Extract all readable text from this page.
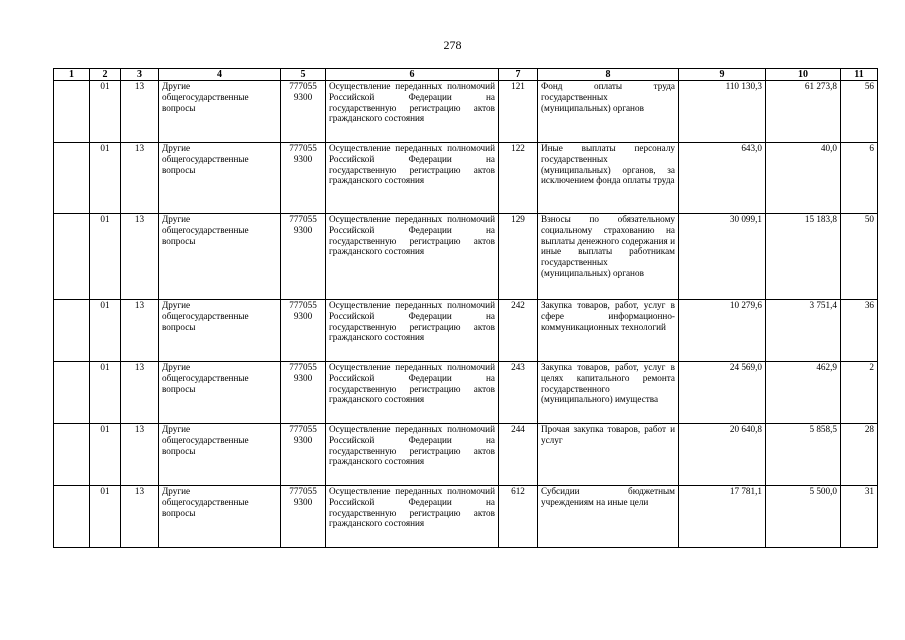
278
1	2	3	4	5	6	7	8	9	10	11
	01	13	Другие общегосударственные вопросы	777055 9300	Осуществление переданных полномочий Российской Федерации на государственную регистрацию актов гражданского состояния	121	Фонд оплаты труда государственных (муниципальных) органов	110 130,3	61 273,8	56
	01	13	Другие общегосударственные вопросы	777055 9300	Осуществление переданных полномочий Российской Федерации на государственную регистрацию актов гражданского состояния	122	Иные выплаты персоналу государственных (муниципальных) органов, за исключением фонда оплаты труда	643,0	40,0	6
	01	13	Другие общегосударственные вопросы	777055 9300	Осуществление переданных полномочий Российской Федерации на государственную регистрацию актов гражданского состояния	129	Взносы по обязательному социальному страхованию на выплаты денежного содержания и иные выплаты работникам государственных (муниципальных) органов	30 099,1	15 183,8	50
	01	13	Другие общегосударственные вопросы	777055 9300	Осуществление переданных полномочий Российской Федерации на государственную регистрацию актов гражданского состояния	242	Закупка товаров, работ, услуг в сфере информационно-коммуникационных технологий	10 279,6	3 751,4	36
	01	13	Другие общегосударственные вопросы	777055 9300	Осуществление переданных полномочий Российской Федерации на государственную регистрацию актов гражданского состояния	243	Закупка товаров, работ, услуг в целях капитального ремонта государственного (муниципального) имущества	24 569,0	462,9	2
	01	13	Другие общегосударственные вопросы	777055 9300	Осуществление переданных полномочий Российской Федерации на государственную регистрацию актов гражданского состояния	244	Прочая закупка товаров, работ и услуг	20 640,8	5 858,5	28
	01	13	Другие общегосударственные вопросы	777055 9300	Осуществление переданных полномочий Российской Федерации на государственную регистрацию актов гражданского состояния	612	Субсидии бюджетным учреждениям на иные цели	17 781,1	5 500,0	31
